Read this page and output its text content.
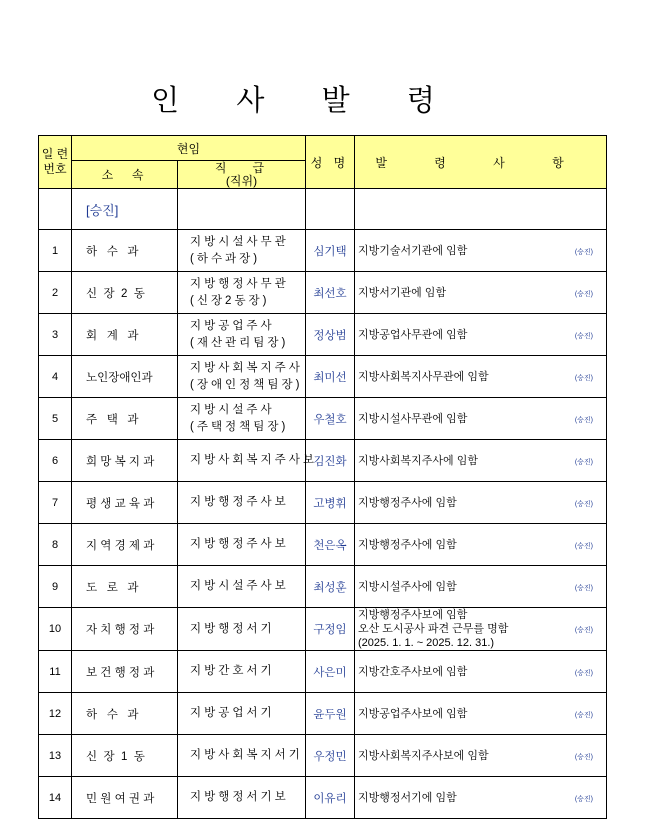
인 사 발 령
일 련
번호	현임		성 명	발 령 사 항
	소  속	직   급
(직위)		

	[승진]			
1	하   수   과	지방시설사무관
(하수과장)	심기택	지방기술서기관에 임함 (승진)

2	신  장  2  동	지방행정사무관
(신장2동장)	최선호	지방서기관에 임함 (승진)

3	회   계   과	지방공업주사
(재산관리팀장)	정상범	지방공업사무관에 임함 (승진)

4	노인장애인과	지방사회복지주사
(장애인정책팀장)	최미선	지방사회복지사무관에 임함 (승진)

5	주   택   과	지방시설주사
(주택정책팀장)	우철호	지방시설사무관에 임함 (승진)

6	희 망 복 지 과	지방사회복지주사보	김진화	지방사회복지주사에 임함 (승진)

7	평 생 교 육 과	지방행정주사보	고병휘	지방행정주사에 임함 (승진)

8	지 역 경 제 과	지방행정주사보	천은옥	지방행정주사에 임함 (승진)

9	도   로   과	지방시설주사보	최성훈	지방시설주사에 임함 (승진)

10	자 치 행 정 과	지방행정서기	구정임	지방행정주사보에 임함
오산 도시공사 파견 근무를 명함
(2025. 1. 1. ~ 2025. 12. 31.)
(승진)

11	보 건 행 정 과	지방간호서기	사은미	지방간호주사보에 임함 (승진)

12	하   수   과	지방공업서기	윤두원	지방공업주사보에 임함 (승진)

13	신  장  1  동	지방사회복지서기	우정민	지방사회복지주사보에 임함 (승진)

14	민 원 여 권 과	지방행정서기보	이유리	지방행정서기에 임함 (승진)
